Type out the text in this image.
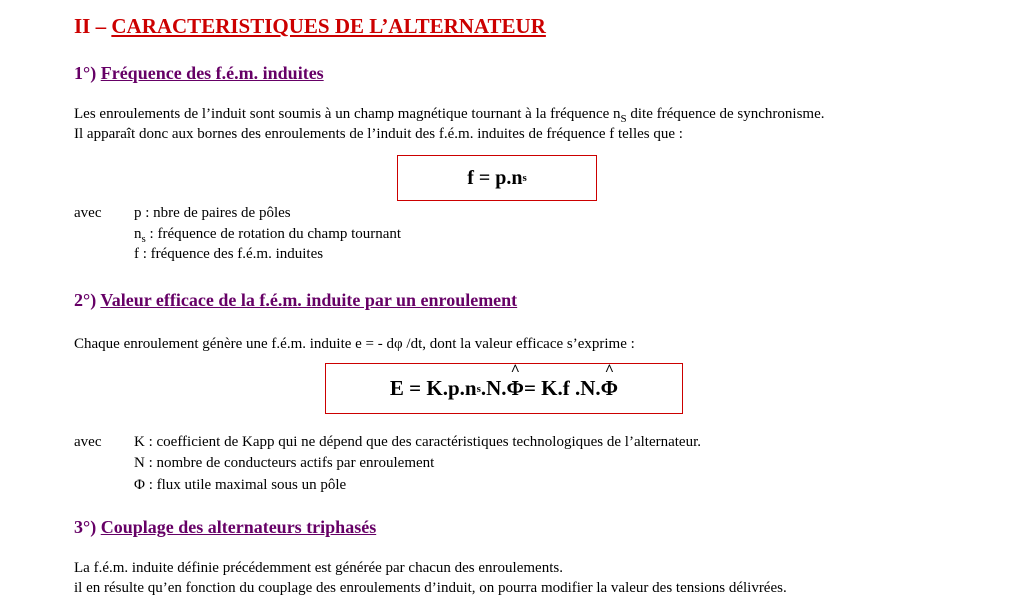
II – CARACTERISTIQUES DE L’ALTERNATEUR
1°) Fréquence des f.é.m. induites
Les enroulements de l’induit sont soumis à un champ magnétique tournant à la fréquence $n_S$ dite fréquence de synchronisme.
Il apparaît donc aux bornes des enroulements de l’induit des f.é.m. induites de fréquence f telles que :
f = p.n s
avec p : nbre de paires de pôles
$n_s$ : fréquence de rotation du champ tournant
f : fréquence des f.é.m. induites
2°) Valeur efficace de la f.é.m. induite par un enroulement
Chaque enroulement génère une f.é.m. induite e = - dφ /dt, dont la valeur efficace s’exprime :
E = K.p.n s .N. ^ Φ = K.f .N. ^ Φ
avec K : coefficient de Kapp qui ne dépend que des caractéristiques technologiques de l’alternateur.
N : nombre de conducteurs actifs par enroulement
Φ : flux utile maximal sous un pôle
3°) Couplage des alternateurs triphasés
La f.é.m. induite définie précédemment est générée par chacun des enroulements.
il en résulte qu’en fonction du couplage des enroulements d’induit, on pourra modifier la valeur des tensions délivrées.
